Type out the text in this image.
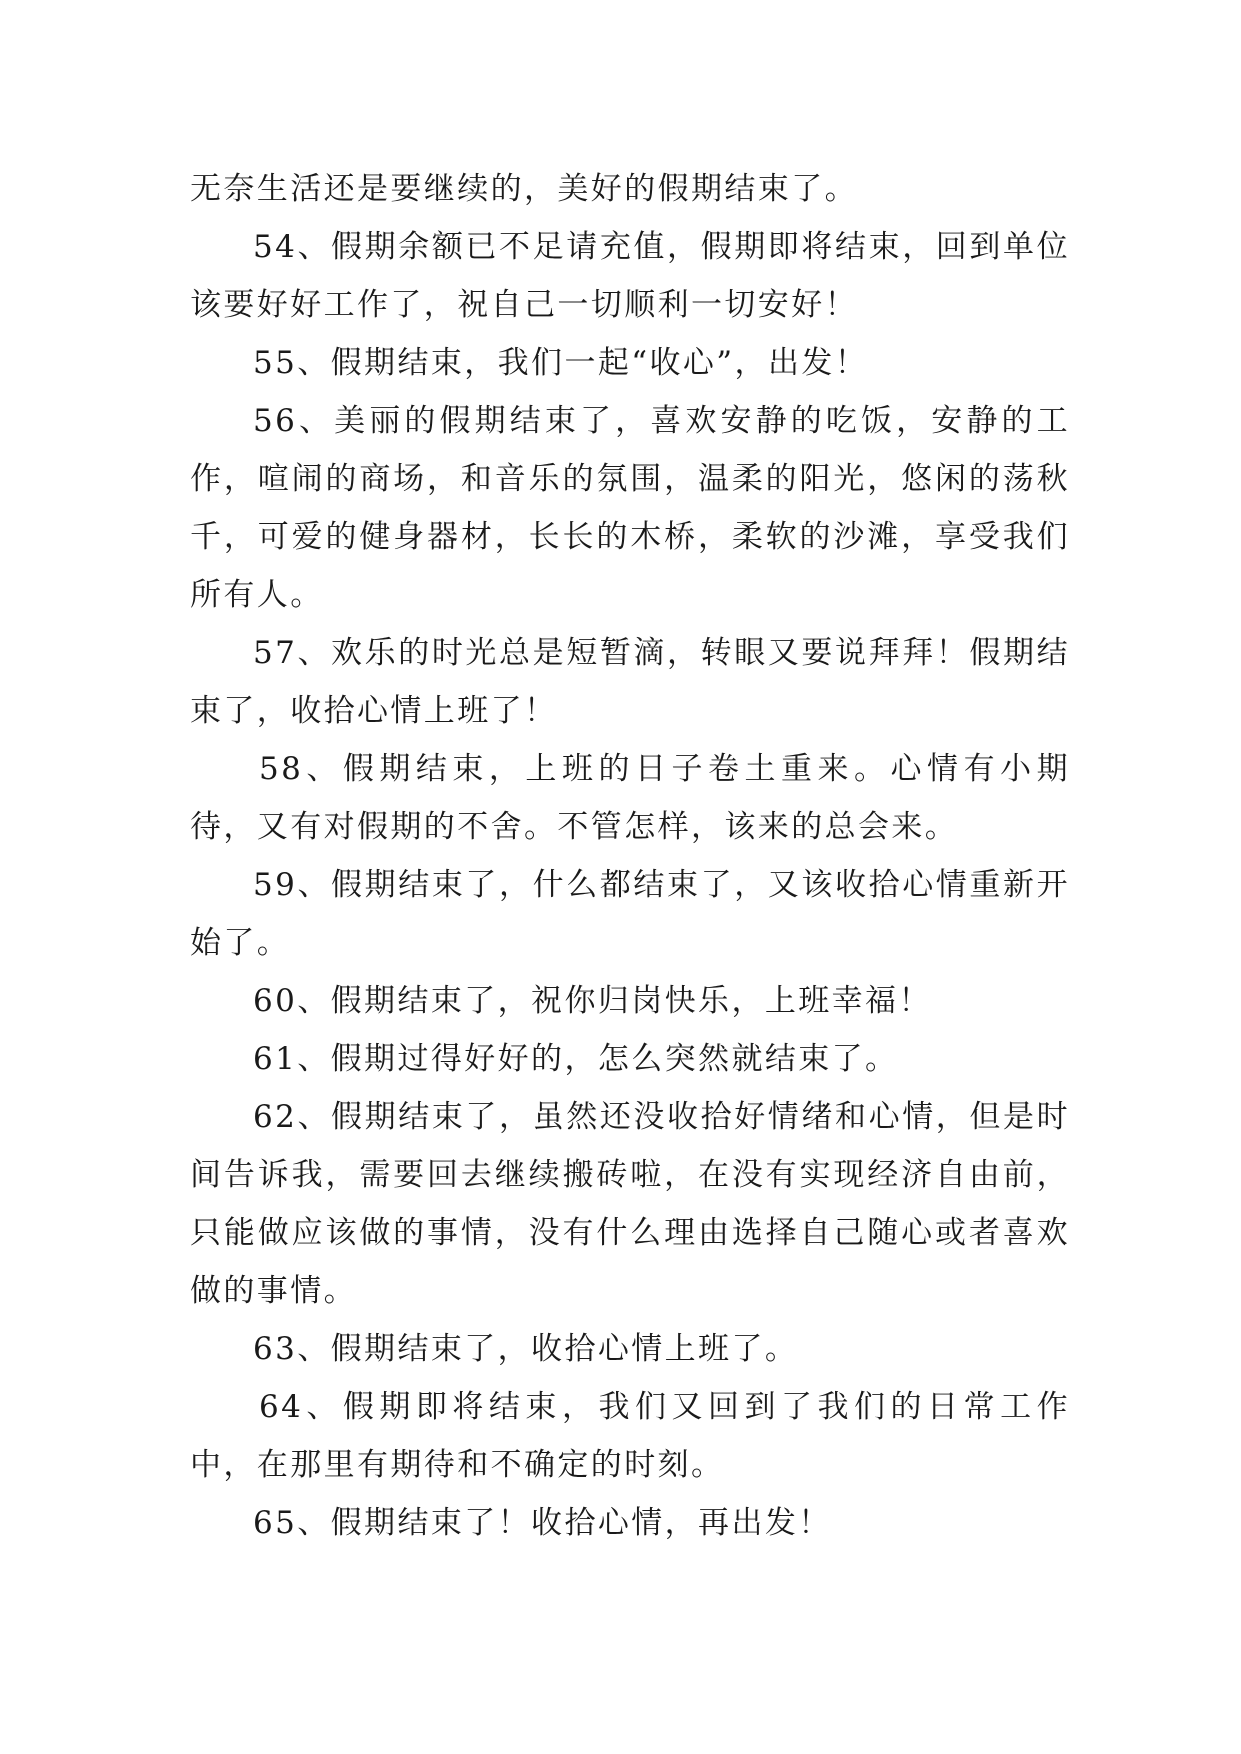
无奈生活还是要继续的，美好的假期结束了。

54、假期余额已不足请充值，假期即将结束，回到单位该要好好工作了，祝自己一切顺利一切安好！

55、假期结束，我们一起“收心”，出发！

56、美丽的假期结束了，喜欢安静的吃饭，安静的工作，喧闹的商场，和音乐的氛围，温柔的阳光，悠闲的荡秋千，可爱的健身器材，长长的木桥，柔软的沙滩，享受我们所有人。

57、欢乐的时光总是短暂滴，转眼又要说拜拜！假期结束了，收拾心情上班了！

58、假期结束，上班的日子卷土重来。心情有小期待，又有对假期的不舍。不管怎样，该来的总会来。

59、假期结束了，什么都结束了，又该收拾心情重新开始了。

60、假期结束了，祝你归岗快乐，上班幸福！

61、假期过得好好的，怎么突然就结束了。

62、假期结束了，虽然还没收拾好情绪和心情，但是时间告诉我，需要回去继续搬砖啦，在没有实现经济自由前，只能做应该做的事情，没有什么理由选择自己随心或者喜欢做的事情。

63、假期结束了，收拾心情上班了。

64、假期即将结束，我们又回到了我们的日常工作中，在那里有期待和不确定的时刻。

65、假期结束了！收拾心情，再出发！
